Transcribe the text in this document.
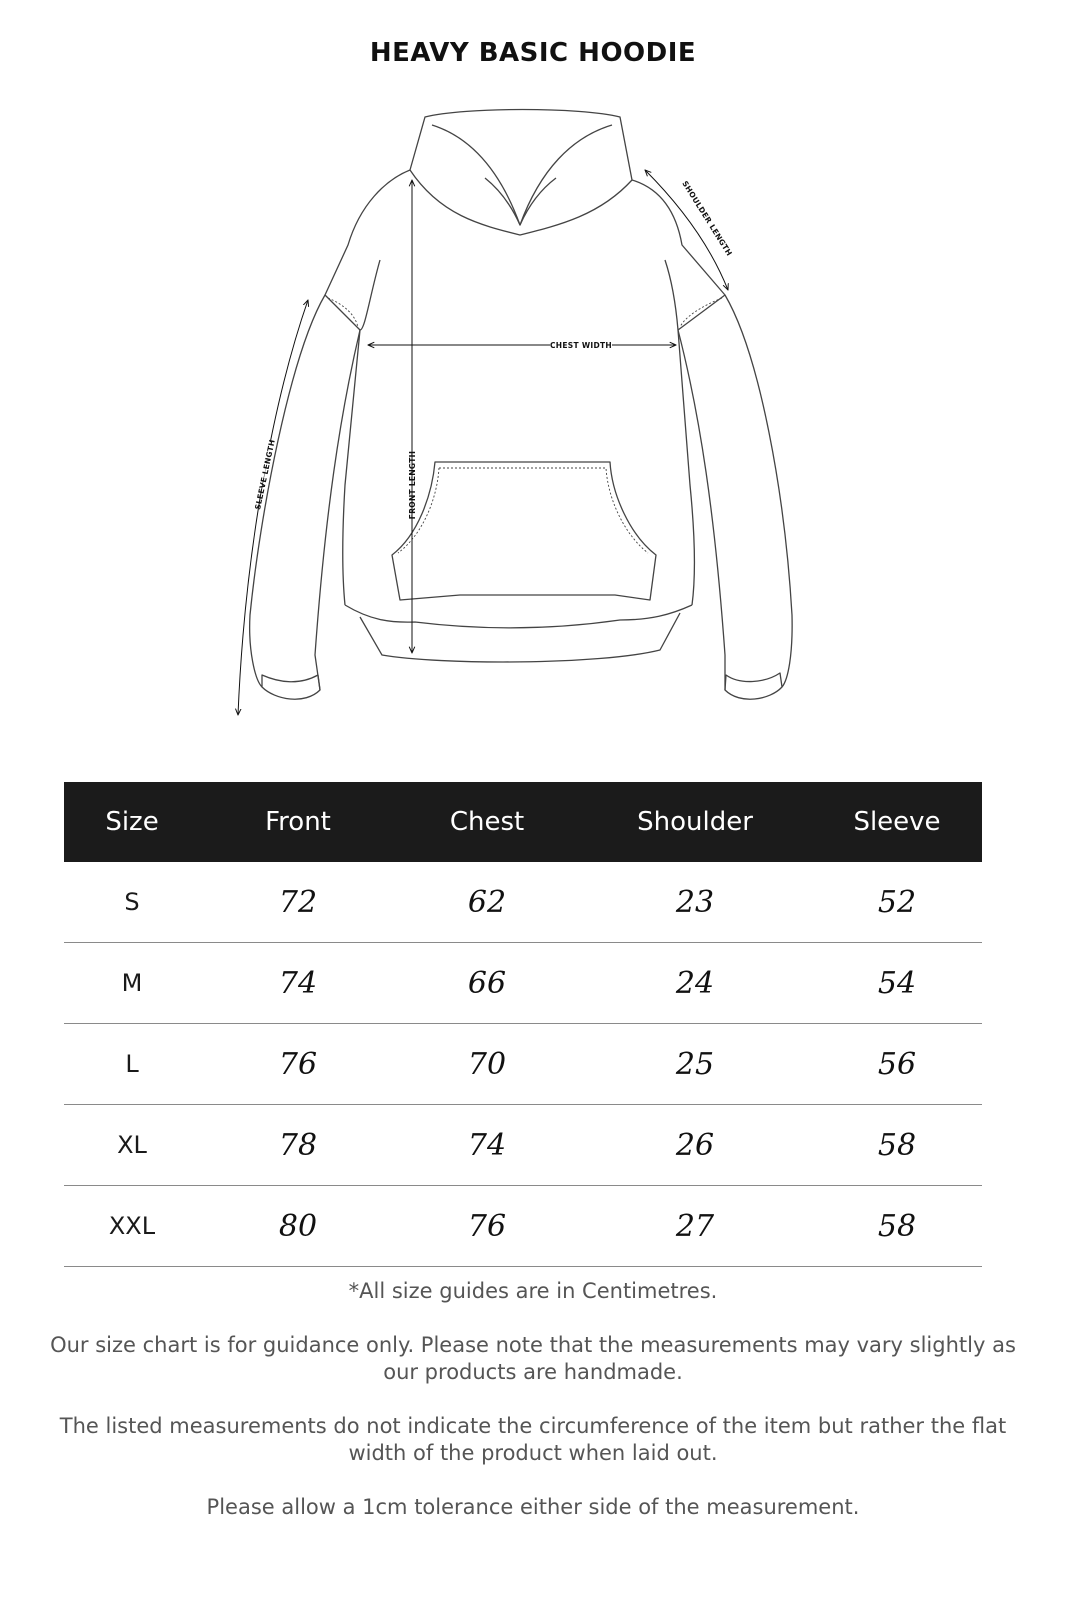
HEAVY BASIC HOODIE
FRONT LENGTH
CHEST WIDTH
SHOULDER LENGTH
SLEEVE LENGTH
Size	Front	Chest	Shoulder	Sleeve
S	72	62	23	52
M	74	66	24	54
L	76	70	25	56
XL	78	74	26	58
XXL	80	76	27	58

*All size guides are in Centimetres.

Our size chart is for guidance only. Please note that the measurements may vary slightly as our products are handmade.

The listed measurements do not indicate the circumference of the item but rather the flat width of the product when laid out.

Please allow a 1cm tolerance either side of the measurement.
